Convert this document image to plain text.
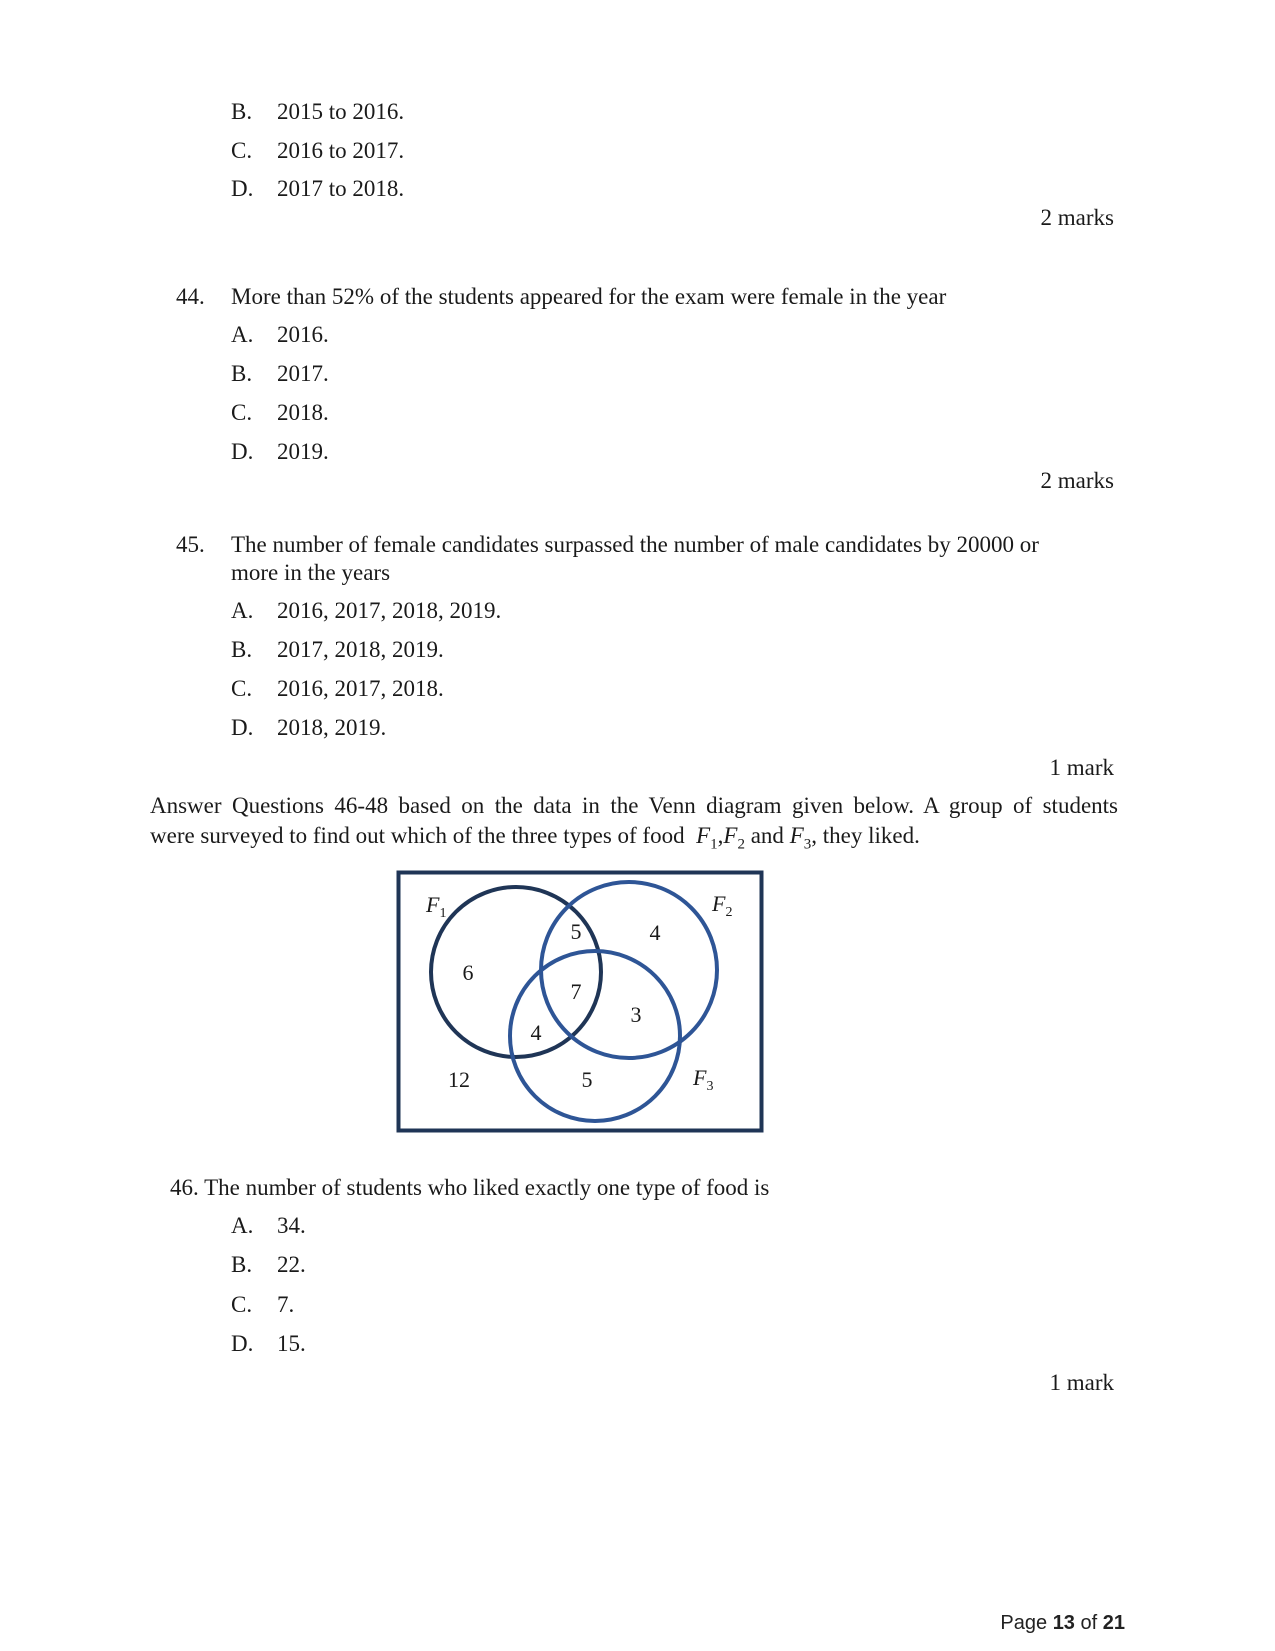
B. 2015 to 2016.
C. 2016 to 2017.
D. 2017 to 2018.
2 marks
44. More than 52% of the students appeared for the exam were female in the year
A. 2016.
B. 2017.
C. 2018.
D. 2019.
2 marks
45. The number of female candidates surpassed the number of male candidates by 20000 or
more in the years
A. 2016, 2017, 2018, 2019.
B. 2017, 2018, 2019.
C. 2016, 2017, 2018.
D. 2018, 2019.
1 mark
Answer Questions 46-48 based on the data in the Venn diagram given below. A group of students
were surveyed to find out which of the three types of food $F_1,F_2$ and $F_3$, they liked.
$F_1$	$F_2$
$F_3$
6
4
5
5
4
3
7
12
46. The number of students who liked exactly one type of food is
A. 34.
B. 22.
C. 7.
D. 15.
1 mark
Page 13 of 21
